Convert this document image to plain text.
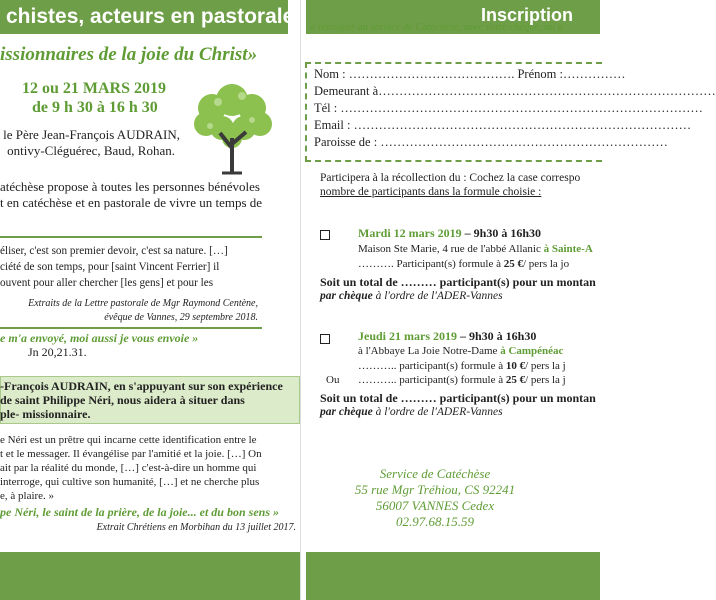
chistes, acteurs en pastorale
issionnaires de la joie du Christ»
12 ou 21 MARS 2019
de 9 h 30 à 16 h 30
le Père Jean-François AUDRAIN,
ontivy-Cléguérec, Baud, Rohan.
atéchèse propose à toutes les personnes bénévoles
t en catéchèse et en pastorale de vivre un temps de
éliser, c'est son premier devoir, c'est sa nature. […]
ciété de son temps, pour [saint Vincent Ferrier] il
ouvent pour aller chercher [les gens] et pour les
Extraits de la Lettre pastorale de Mgr Raymond Centène,
évêque de Vannes, 29 septembre 2018.
e m'a envoyé, moi aussi je vous envoie »
Jn 20,21.31.
-François AUDRAIN, en s'appuyant sur son expérience
de saint Philippe Néri, nous aidera à situer dans
ple- missionnaire.
e Néri est un prêtre qui incarne cette identification entre le
t et le messager. Il évangélise par l'amitié et la joie. […] On
ait par la réalité du monde, […] c'est-à-dire un homme qui
interroge, qui cultive son humanité, […] et ne cherche plus
e, à plaire. »
pe Néri, le saint de la prière, de la joie... et du bon sens »
Extrait Chrétiens en Morbihan du 13 juillet 2017.
Inscription
à renvoyer au service de Catéchèse, avec votre chèque, au p
Nom : …………………………………. Prénom :……………
Demeurant à………………………………………………………………………
Tél : ……………………………………………………………………………
Email : ………………………………………………………………………
Paroisse de : ……………………………………………………………
Participera à la récollection du : Cochez la case correspo
nombre de participants dans la formule choisie :
Mardi 12 mars 2019 – 9h30 à 16h30
Maison Ste Marie, 4 rue de l'abbé Allanic à Sainte-A
………. Participant(s) formule à 25 €/ pers la jo
Soit un total de ……… participant(s) pour un montan
par chèque à l'ordre de l'ADER-Vannes
Jeudi 21 mars 2019 – 9h30 à 16h30
à l'Abbaye La Joie Notre-Dame à Campénéac
……….. participant(s) formule à 10 €/ pers la j
Ou ……….. participant(s) formule à 25 €/ pers la j
Soit un total de ……… participant(s) pour un montan
par chèque à l'ordre de l'ADER-Vannes
Service de Catéchèse
55 rue Mgr Tréhiou, CS 92241
56007 VANNES Cedex
02.97.68.15.59
